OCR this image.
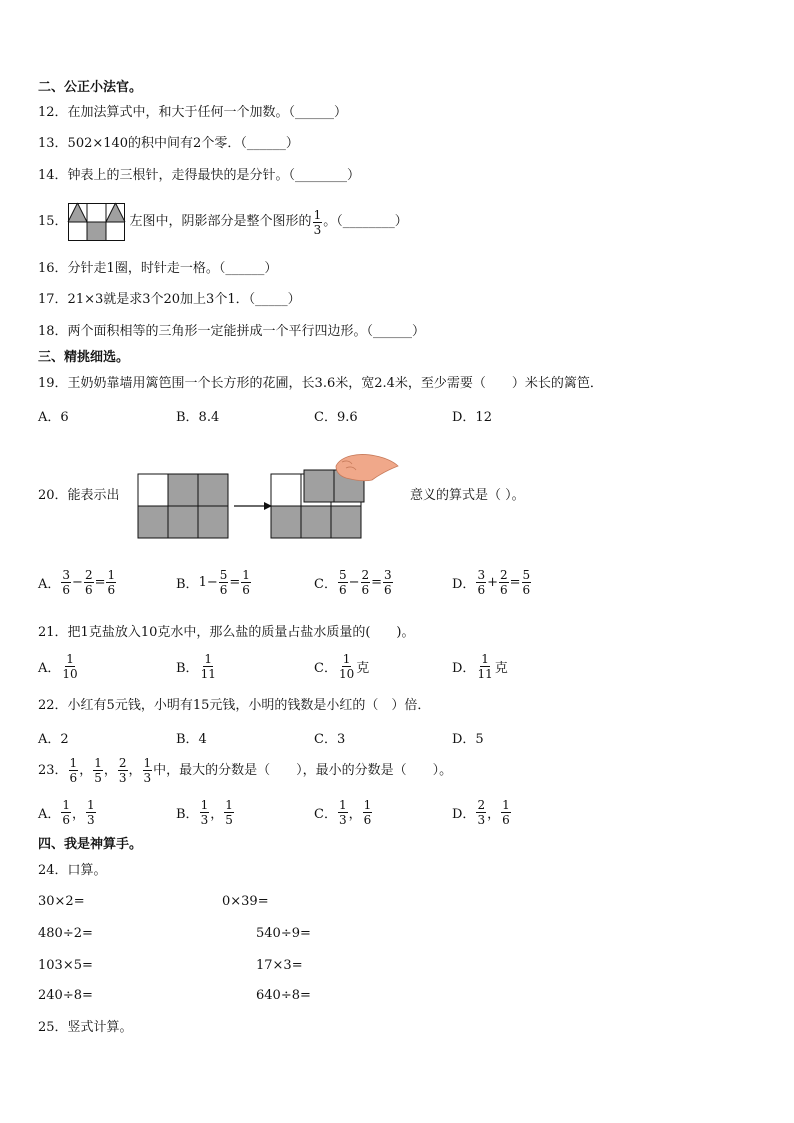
二、公正小法官。
12．在加法算式中，和大于任何一个加数。（______）
13．502×140的积中间有2个零．（______）
14．钟表上的三根针，走得最快的是分针。（________）
15．	左图中，阴影部分是整个图形的 $\frac{1}{3}$ 。（________）
16．分针走1圈，时针走一格。（______）
17．21×3就是求3个20加上3个1．（_____）
18．两个面积相等的三角形一定能拼成一个平行四边形。（______）
三、精挑细选。
19．王奶奶靠墙用篱笆围一个长方形的花圃，长3.6米，宽2.4米，至少需要（　　）米长的篱笆．
A．6	B．8.4	C．9.6	D．12
20．能表示出	意义的算式是（ ）。
A． $\frac{3}{6} - \frac{2}{6} = \frac{1}{6}$	B． $1- \frac{5}{6} = \frac{1}{6}$	C． $\frac{5}{6} - \frac{2}{6} = \frac{3}{6}$	D． $\frac{3}{6} + \frac{2}{6} = \frac{5}{6}$
21．把1克盐放入10克水中，那么盐的质量占盐水质量的(　　)。
A． $\frac{1}{10}$	B． $\frac{1}{11}$	C． $\frac{1}{10}$ 克	D． $\frac{1}{11}$ 克
22．小红有5元钱，小明有15元钱，小明的钱数是小红的（　）倍．
A．2	B．4	C．3	D．5
23． $\frac{1}{6}$ ， $\frac{1}{5}$ ， $\frac{2}{3}$ ， $\frac{1}{3}$ 中，最大的分数是（　　），最小的分数是（　　）。
A． $\frac{1}{6}$ ， $\frac{1}{3}$	B． $\frac{1}{3}$ ， $\frac{1}{5}$	C． $\frac{1}{3}$ ， $\frac{1}{6}$	D． $\frac{2}{3}$ ， $\frac{1}{6}$
四、我是神算手。
24．口算。
30×2=	0×39=
480÷2=	540÷9=
103×5=	17×3=
240÷8=	640÷8=
25．竖式计算。
